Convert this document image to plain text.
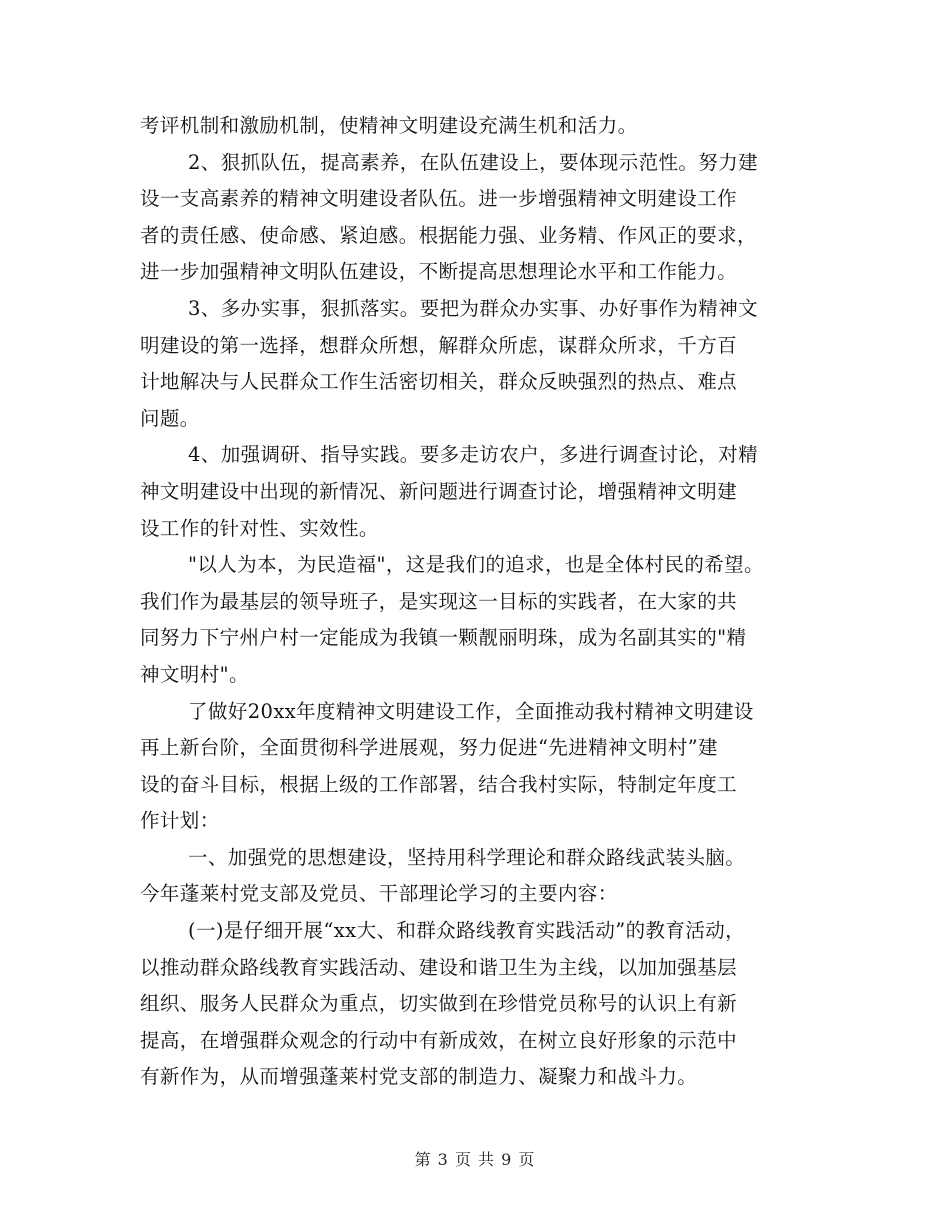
考评机制和激励机制，使精神文明建设充满生机和活力。
2、狠抓队伍，提高素养，在队伍建设上，要体现示范性。努力建
设一支高素养的精神文明建设者队伍。进一步增强精神文明建设工作
者的责任感、使命感、紧迫感。根据能力强、业务精、作风正的要求，
进一步加强精神文明队伍建设，不断提高思想理论水平和工作能力。
3、多办实事，狠抓落实。要把为群众办实事、办好事作为精神文
明建设的第一选择，想群众所想，解群众所虑，谋群众所求，千方百
计地解决与人民群众工作生活密切相关，群众反映强烈的热点、难点
问题。
4、加强调研、指导实践。要多走访农户，多进行调查讨论，对精
神文明建设中出现的新情况、新问题进行调查讨论，增强精神文明建
设工作的针对性、实效性。
"以人为本，为民造福"，这是我们的追求，也是全体村民的希望。
我们作为最基层的领导班子，是实现这一目标的实践者，在大家的共
同努力下宁州户村一定能成为我镇一颗靓丽明珠，成为名副其实的"精
神文明村"。
了做好20xx年度精神文明建设工作，全面推动我村精神文明建设
再上新台阶，全面贯彻科学进展观，努力促进“先进精神文明村”建
设的奋斗目标，根据上级的工作部署，结合我村实际，特制定年度工
作计划：
一、加强党的思想建设，坚持用科学理论和群众路线武装头脑。
今年蓬莱村党支部及党员、干部理论学习的主要内容：
(一)是仔细开展“xx大、和群众路线教育实践活动”的教育活动，
以推动群众路线教育实践活动、建设和谐卫生为主线，以加加强基层
组织、服务人民群众为重点，切实做到在珍惜党员称号的认识上有新
提高，在增强群众观念的行动中有新成效，在树立良好形象的示范中
有新作为，从而增强蓬莱村党支部的制造力、凝聚力和战斗力。
第 3 页 共 9 页
